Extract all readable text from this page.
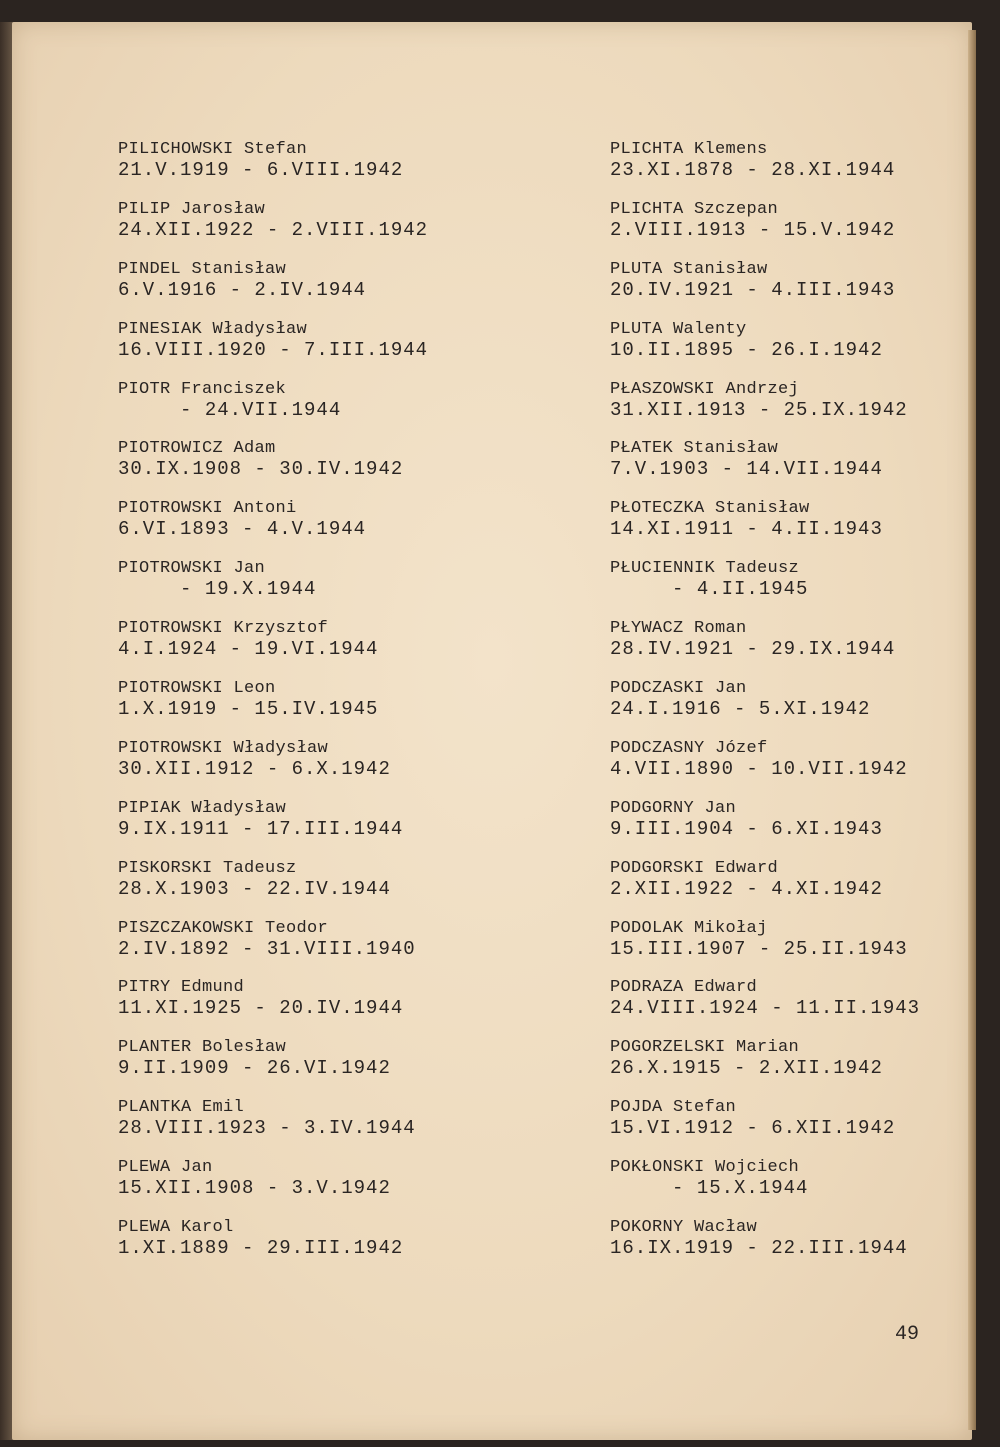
PILICHOWSKI Stefan
21.V.1919 - 6.VIII.1942
PILIP Jarosław
24.XII.1922 - 2.VIII.1942
PINDEL Stanisław
6.V.1916 - 2.IV.1944
PINESIAK Władysław
16.VIII.1920 - 7.III.1944
PIOTR Franciszek
- 24.VII.1944
PIOTROWICZ Adam
30.IX.1908 - 30.IV.1942
PIOTROWSKI Antoni
6.VI.1893 - 4.V.1944
PIOTROWSKI Jan
- 19.X.1944
PIOTROWSKI Krzysztof
4.I.1924 - 19.VI.1944
PIOTROWSKI Leon
1.X.1919 - 15.IV.1945
PIOTROWSKI Władysław
30.XII.1912 - 6.X.1942
PIPIAK Władysław
9.IX.1911 - 17.III.1944
PISKORSKI Tadeusz
28.X.1903 - 22.IV.1944
PISZCZAKOWSKI Teodor
2.IV.1892 - 31.VIII.1940
PITRY Edmund
11.XI.1925 - 20.IV.1944
PLANTER Bolesław
9.II.1909 - 26.VI.1942
PLANTKA Emil
28.VIII.1923 - 3.IV.1944
PLEWA Jan
15.XII.1908 - 3.V.1942
PLEWA Karol
1.XI.1889 - 29.III.1942
PLICHTA Klemens
23.XI.1878 - 28.XI.1944
PLICHTA Szczepan
2.VIII.1913 - 15.V.1942
PLUTA Stanisław
20.IV.1921 - 4.III.1943
PLUTA Walenty
10.II.1895 - 26.I.1942
PŁASZOWSKI Andrzej
31.XII.1913 - 25.IX.1942
PŁATEK Stanisław
7.V.1903 - 14.VII.1944
PŁOTECZKA Stanisław
14.XI.1911 - 4.II.1943
PŁUCIENNIK Tadeusz
- 4.II.1945
PŁYWACZ Roman
28.IV.1921 - 29.IX.1944
PODCZASKI Jan
24.I.1916 - 5.XI.1942
PODCZASNY Józef
4.VII.1890 - 10.VII.1942
PODGORNY Jan
9.III.1904 - 6.XI.1943
PODGORSKI Edward
2.XII.1922 - 4.XI.1942
PODOLAK Mikołaj
15.III.1907 - 25.II.1943
PODRAZA Edward
24.VIII.1924 - 11.II.1943
POGORZELSKI Marian
26.X.1915 - 2.XII.1942
POJDA Stefan
15.VI.1912 - 6.XII.1942
POKŁONSKI Wojciech
- 15.X.1944
POKORNY Wacław
16.IX.1919 - 22.III.1944
49
